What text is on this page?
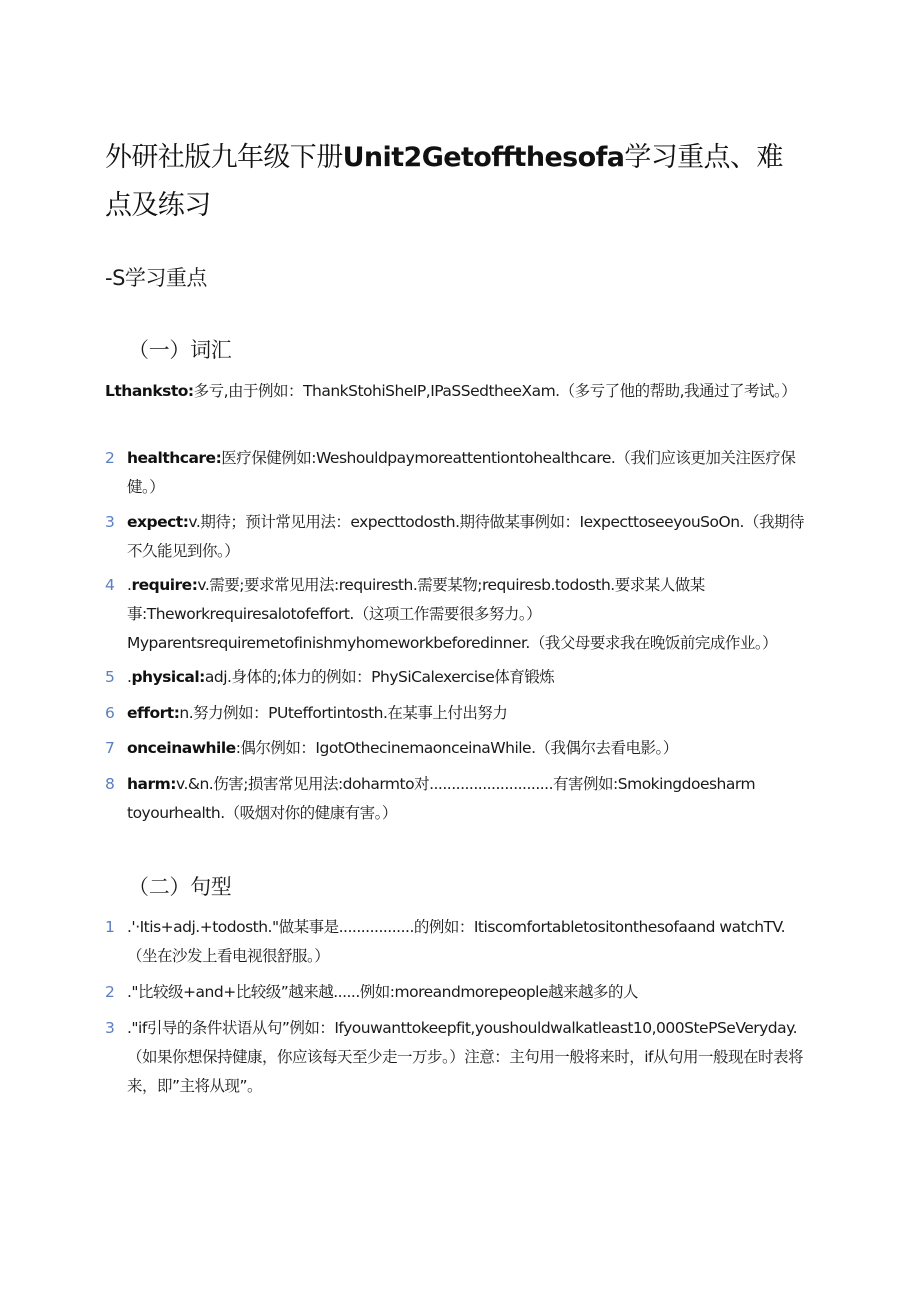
外研社版九年级下册Unit2Getoffthesofa学习重点、难点及练习
-S学习重点
（一）词汇
Lthanksto:多亏,由于例如：ThankStohiSheIP,IPaSSedtheeXam.（多亏了他的帮助,我通过了考试。）
2 healthcare:医疗保健例如:Weshouldpaymoreattentiontohealthcare.（我们应该更加关注医疗保健。）
3 expect:v.期待；预计常见用法：expecttodosth.期待做某事例如：IexpecttoseeyouSoOn.（我期待不久能见到你。）
4 .require:v.需要;要求常见用法:requiresth.需要某物;requiresb.todosth.要求某人做某事:Theworkrequiresalotofeffort.（这项工作需要很多努力。）Myparentsrequiremetofinishmyhomeworkbeforedinner.（我父母要求我在晚饭前完成作业。）
5 .physical:adj.身体的;体力的例如：PhySiCalexercise体育锻炼
6 effort:n.努力例如：PUteffortintosth.在某事上付出努力
7 onceinawhile:偶尔例如：IgotOthecinemaonceinaWhile.（我偶尔去看电影。）
8 harm:v.&n.伤害;损害常见用法:doharmto对............................有害例如:Smokingdoesharm toyourhealth.（吸烟对你的健康有害。）
（二）句型
1 .'·Itis+adj.+todosth."做某事是.................的例如：Itiscomfortabletositonthesofaand watchTV.（坐在沙发上看电视很舒服。）
2 ."比较级+and+比较级”越来越......例如:moreandmorepeople越来越多的人
3 ."if引导的条件状语从句”例如：Ifyouwanttokeepfit,youshouldwalkatleast10,000StePSeVeryday.（如果你想保持健康，你应该每天至少走一万步。）注意：主句用一般将来时，if从句用一般现在时表将来，即”主将从现”。
